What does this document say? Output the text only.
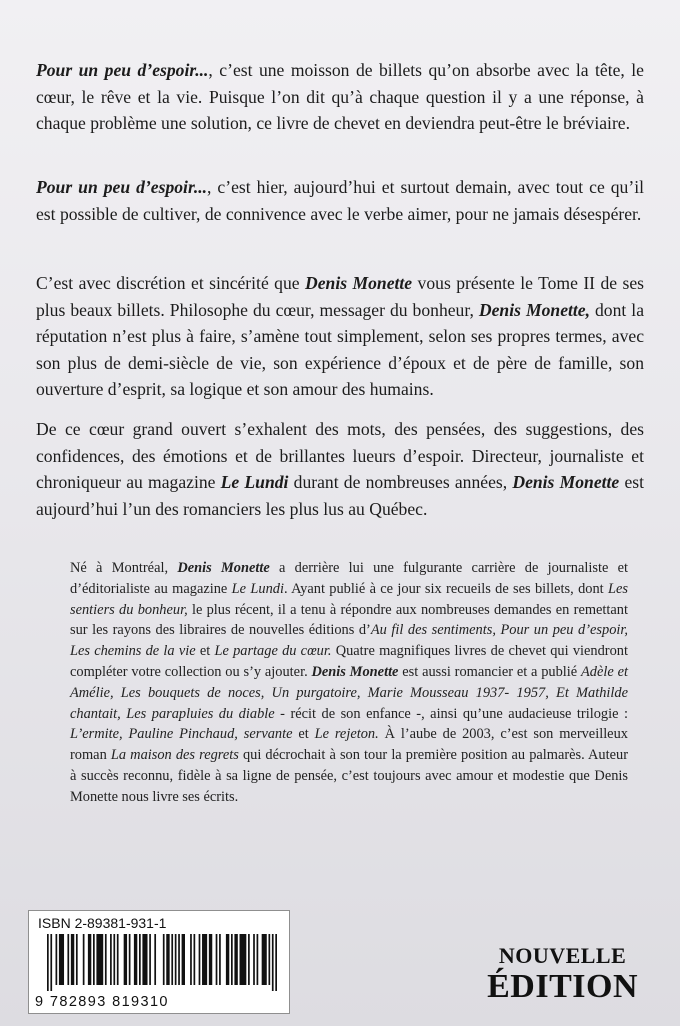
Pour un peu d’espoir..., c’est une moisson de billets qu’on absorbe avec la tête, le cœur, le rêve et la vie. Puisque l’on dit qu’à chaque question il y a une réponse, à chaque problème une solution, ce livre de chevet en deviendra peut-être le bréviaire.

Pour un peu d’espoir..., c’est hier, aujourd’hui et surtout demain, avec tout ce qu’il est possible de cultiver, de connivence avec le verbe aimer, pour ne jamais désespérer.

C’est avec discrétion et sincérité que Denis Monette vous présente le Tome II de ses plus beaux billets. Philosophe du cœur, messager du bonheur, Denis Monette, dont la réputation n’est plus à faire, s’amène tout simplement, selon ses propres termes, avec son plus de demi-siècle de vie, son expérience d’époux et de père de famille, son ouverture d’esprit, sa logique et son amour des humains.

De ce cœur grand ouvert s’exhalent des mots, des pensées, des suggestions, des confidences, des émotions et de brillantes lueurs d’espoir. Directeur, journaliste et chroniqueur au magazine Le Lundi durant de nombreuses années, Denis Monette est aujourd’hui l’un des romanciers les plus lus au Québec.

Né à Montréal, Denis Monette a derrière lui une fulgurante carrière de journaliste et d’éditorialiste au magazine Le Lundi. Ayant publié à ce jour six recueils de ses billets, dont Les sentiers du bonheur, le plus récent, il a tenu à répondre aux nombreuses demandes en remettant sur les rayons des libraires de nouvelles éditions d’Au fil des sentiments, Pour un peu d’espoir, Les chemins de la vie et Le partage du cœur. Quatre magnifiques livres de chevet qui viendront compléter votre collection ou s’y ajouter. Denis Monette est aussi romancier et a publié Adèle et Amélie, Les bouquets de noces, Un purgatoire, Marie Mousseau 1937- 1957, Et Mathilde chantait, Les parapluies du diable - récit de son enfance -, ainsi qu’une audacieuse trilogie : L’ermite, Pauline Pinchaud, servante et Le rejeton. À l’aube de 2003, c’est son merveilleux roman La maison des regrets qui décrochait à son tour la première position au palmarès. Auteur à succès reconnu, fidèle à sa ligne de pensée, c’est toujours avec amour et modestie que Denis Monette nous livre ses écrits.

ISBN 2-89381-931-1
9 782893 819310
NOUVELLE
ÉDITION
